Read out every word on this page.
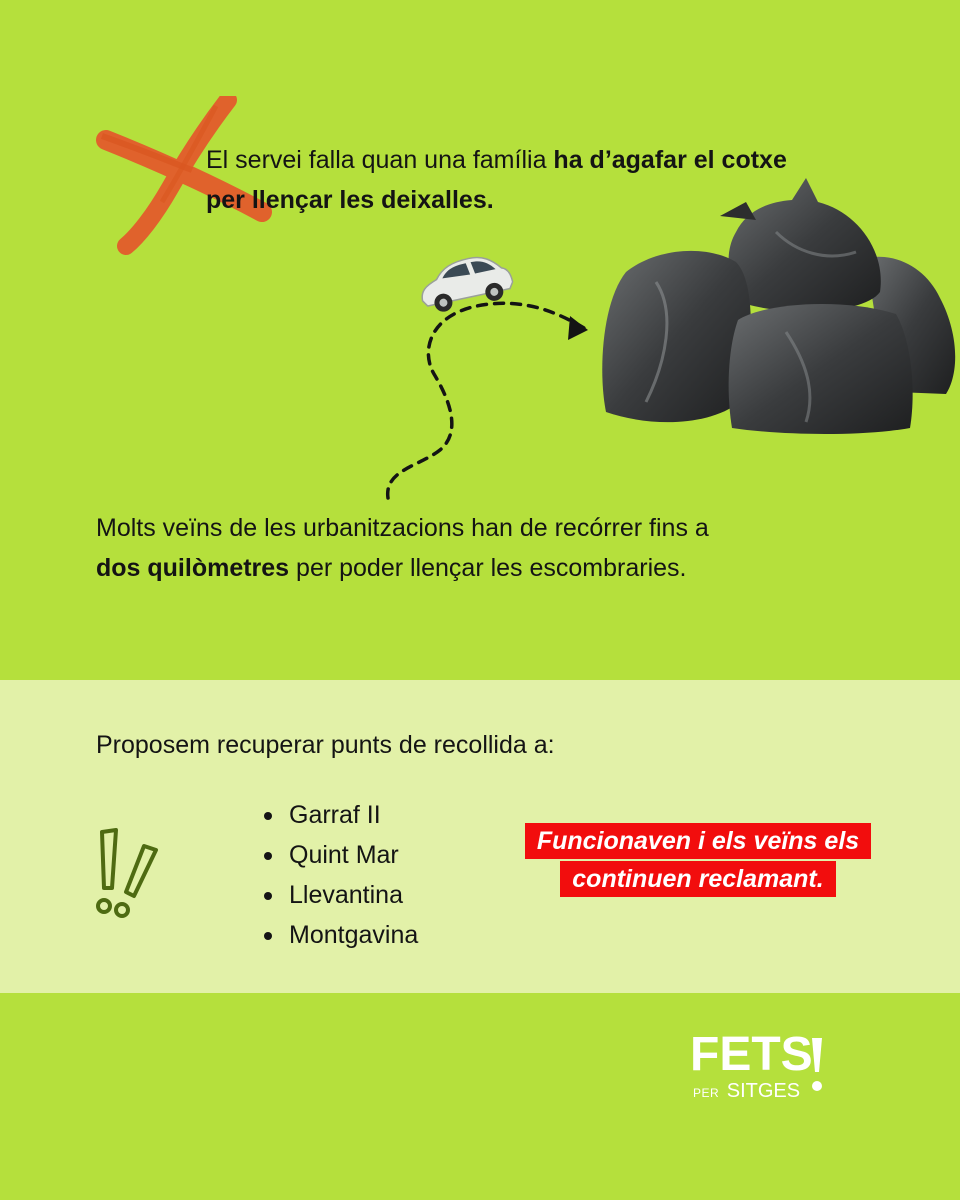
El servei falla quan una família ha d’agafar el cotxe per llençar les deixalles.
Molts veïns de les urbanitzacions han de recórrer fins a dos quilòmetres per poder llençar les escombraries.
Proposem recuperar punts de recollida a:
Garraf II
Quint Mar
Llevantina
Montgavina
Funcionaven i els veïns els continuen reclamant.
FETS
PER SITGES
